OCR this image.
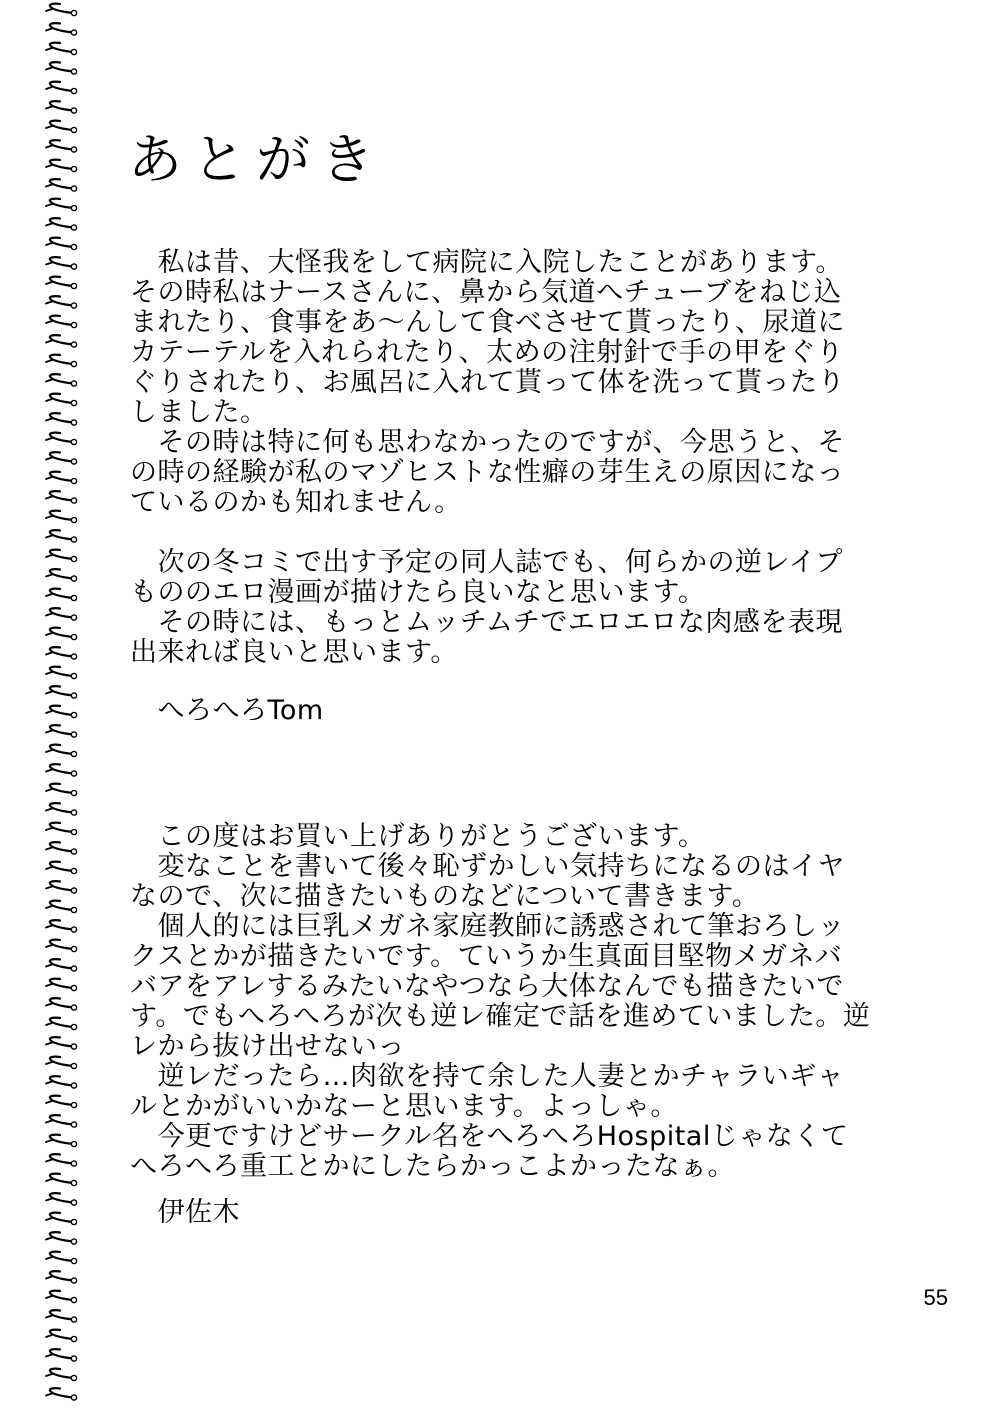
あとがき
　私は昔、大怪我をして病院に入院したことがあります。
その時私はナースさんに、鼻から気道へチューブをねじ込
まれたり、食事をあ〜んして食べさせて貰ったり、尿道に
カテーテルを入れられたり、太めの注射針で手の甲をぐり
ぐりされたり、お風呂に入れて貰って体を洗って貰ったり
しました。
　その時は特に何も思わなかったのですが、今思うと、そ
の時の経験が私のマゾヒストな性癖の芽生えの原因になっ
ているのかも知れません。
　次の冬コミで出す予定の同人誌でも、何らかの逆レイプ
もののエロ漫画が描けたら良いなと思います。
　その時には、もっとムッチムチでエロエロな肉感を表現
出来れば良いと思います。
　へろへろTom
　この度はお買い上げありがとうございます。
　変なことを書いて後々恥ずかしい気持ちになるのはイヤ
なので、次に描きたいものなどについて書きます。
　個人的には巨乳メガネ家庭教師に誘惑されて筆おろしッ
クスとかが描きたいです。ていうか生真面目堅物メガネバ
バアをアレするみたいなやつなら大体なんでも描きたいで
す。でもへろへろが次も逆レ確定で話を進めていました。逆
レから抜け出せないっ
　逆レだったら…肉欲を持て余した人妻とかチャラいギャ
ルとかがいいかなーと思います。よっしゃ。
　今更ですけどサークル名をへろへろHospitalじゃなくて
へろへろ重工とかにしたらかっこよかったなぁ。
　伊佐木
55
